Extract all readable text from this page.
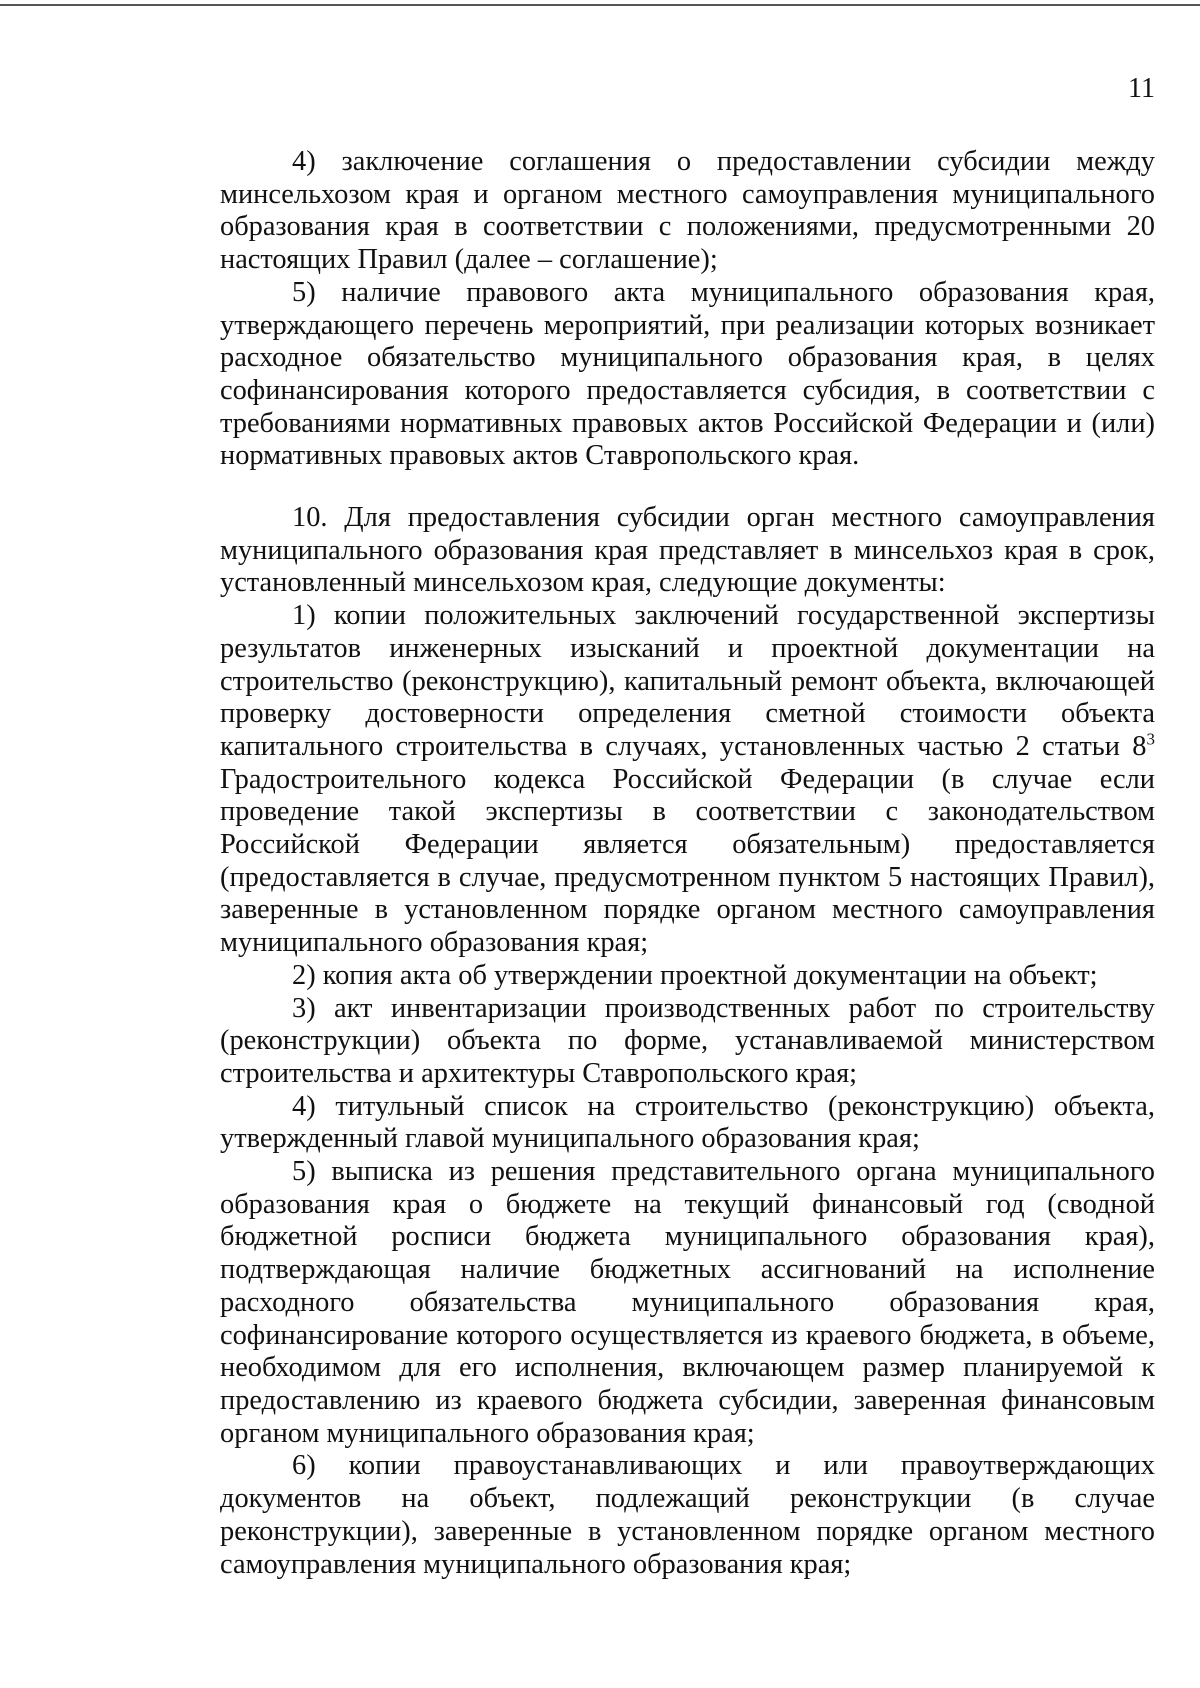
11

4) заключение соглашения о предоставлении субсидии между минсельхозом края и органом местного самоуправления муниципального образования края в соответствии с положениями, предусмотренными 20 настоящих Правил (далее – соглашение);

5) наличие правового акта муниципального образования края, утверждающего перечень мероприятий, при реализации которых возникает расходное обязательство муниципального образования края, в целях софинансирования которого предоставляется субсидия, в соответствии с требованиями нормативных правовых актов Российской Федерации и (или) нормативных правовых актов Ставропольского края.

10. Для предоставления субсидии орган местного самоуправления муниципального образования края представляет в минсельхоз края в срок, установленный минсельхозом края, следующие документы:

1) копии положительных заключений государственной экспертизы результатов инженерных изысканий и проектной документации на строительство (реконструкцию), капитальный ремонт объекта, включающей проверку достоверности определения сметной стоимости объекта капитального строительства в случаях, установленных частью 2 статьи $8^3$ Градостроительного кодекса Российской Федерации (в случае если проведение такой экспертизы в соответствии с законодательством Российской Федерации является обязательным) предоставляется (предоставляется в случае, предусмотренном пунктом 5 настоящих Правил), заверенные в установленном порядке органом местного самоуправления муниципального образования края;

2) копия акта об утверждении проектной документации на объект;

3) акт инвентаризации производственных работ по строительству (реконструкции) объекта по форме, устанавливаемой министерством строительства и архитектуры Ставропольского края;

4) титульный список на строительство (реконструкцию) объекта, утвержденный главой муниципального образования края;

5) выписка из решения представительного органа муниципального образования края о бюджете на текущий финансовый год (сводной бюджетной росписи бюджета муниципального образования края), подтверждающая наличие бюджетных ассигнований на исполнение расходного обязательства муниципального образования края, софинансирование которого осуществляется из краевого бюджета, в объеме, необходимом для его исполнения, включающем размер планируемой к предоставлению из краевого бюджета субсидии, заверенная финансовым органом муниципального образования края;

6) копии правоустанавливающих и или правоутверждающих документов на объект, подлежащий реконструкции (в случае реконструкции), заверенные в установленном порядке органом местного самоуправления муниципального образования края;
